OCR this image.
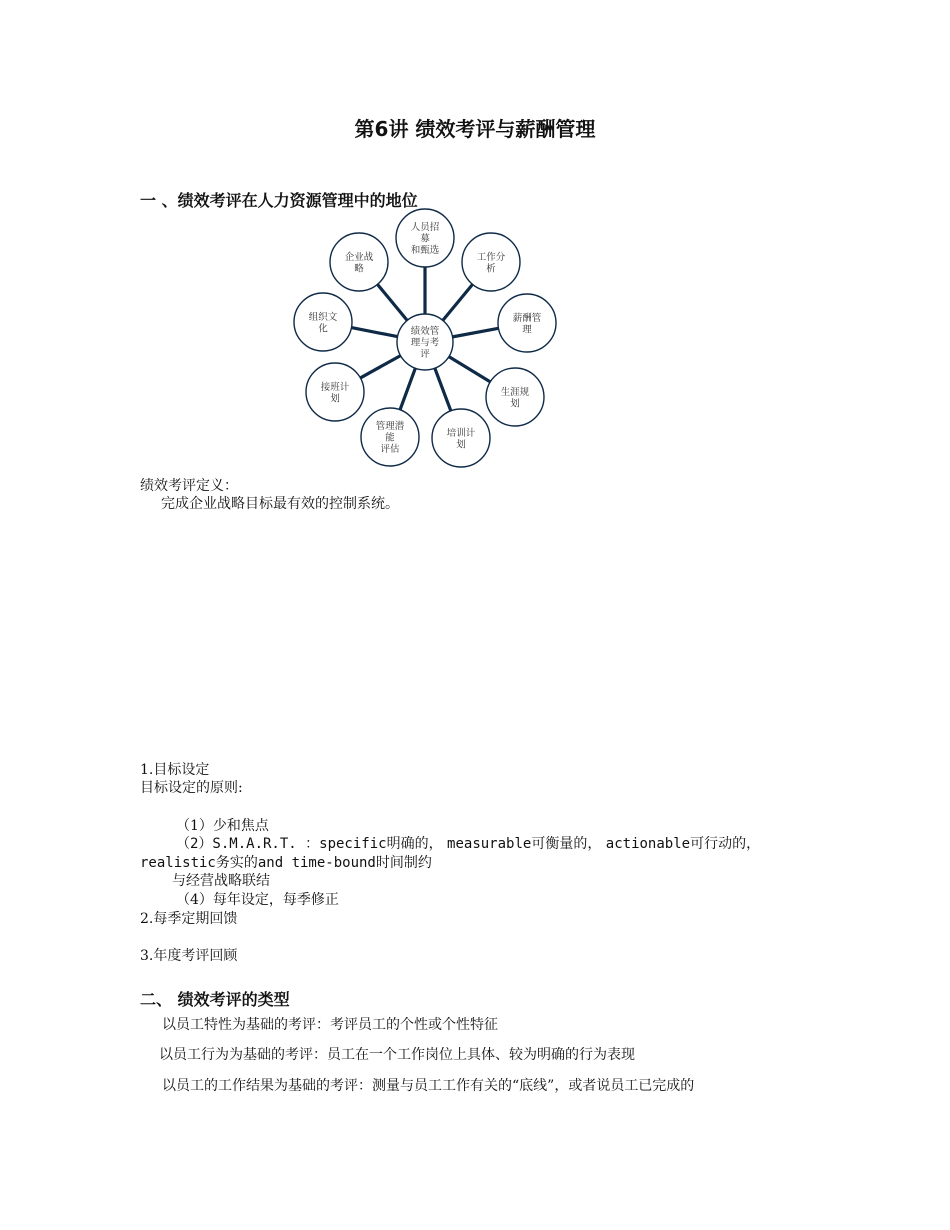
第6讲 绩效考评与薪酬管理
一 、绩效考评在人力资源管理中的地位
人员招募和甄选
工作分析
薪酬管理
生涯规划
培训计划
管理潜能评估
接班计划
组织文化
企业战略
绩效管理与考评
绩效考评定义：
完成企业战略目标最有效的控制系统。
1.目标设定
目标设定的原则:
（1）少和焦点
（2）S.M.A.R.T. ：specific明确的， measurable可衡量的， actionable可行动的，
realistic务实的and time-bound时间制约
与经营战略联结
（4）每年设定，每季修正
2.每季定期回馈
3.年度考评回顾
二、 绩效考评的类型
以员工特性为基础的考评：考评员工的个性或个性特征
以员工行为为基础的考评：员工在一个工作岗位上具体、较为明确的行为表现
以员工的工作结果为基础的考评：测量与员工工作有关的“底线”，或者说员工已完成的
